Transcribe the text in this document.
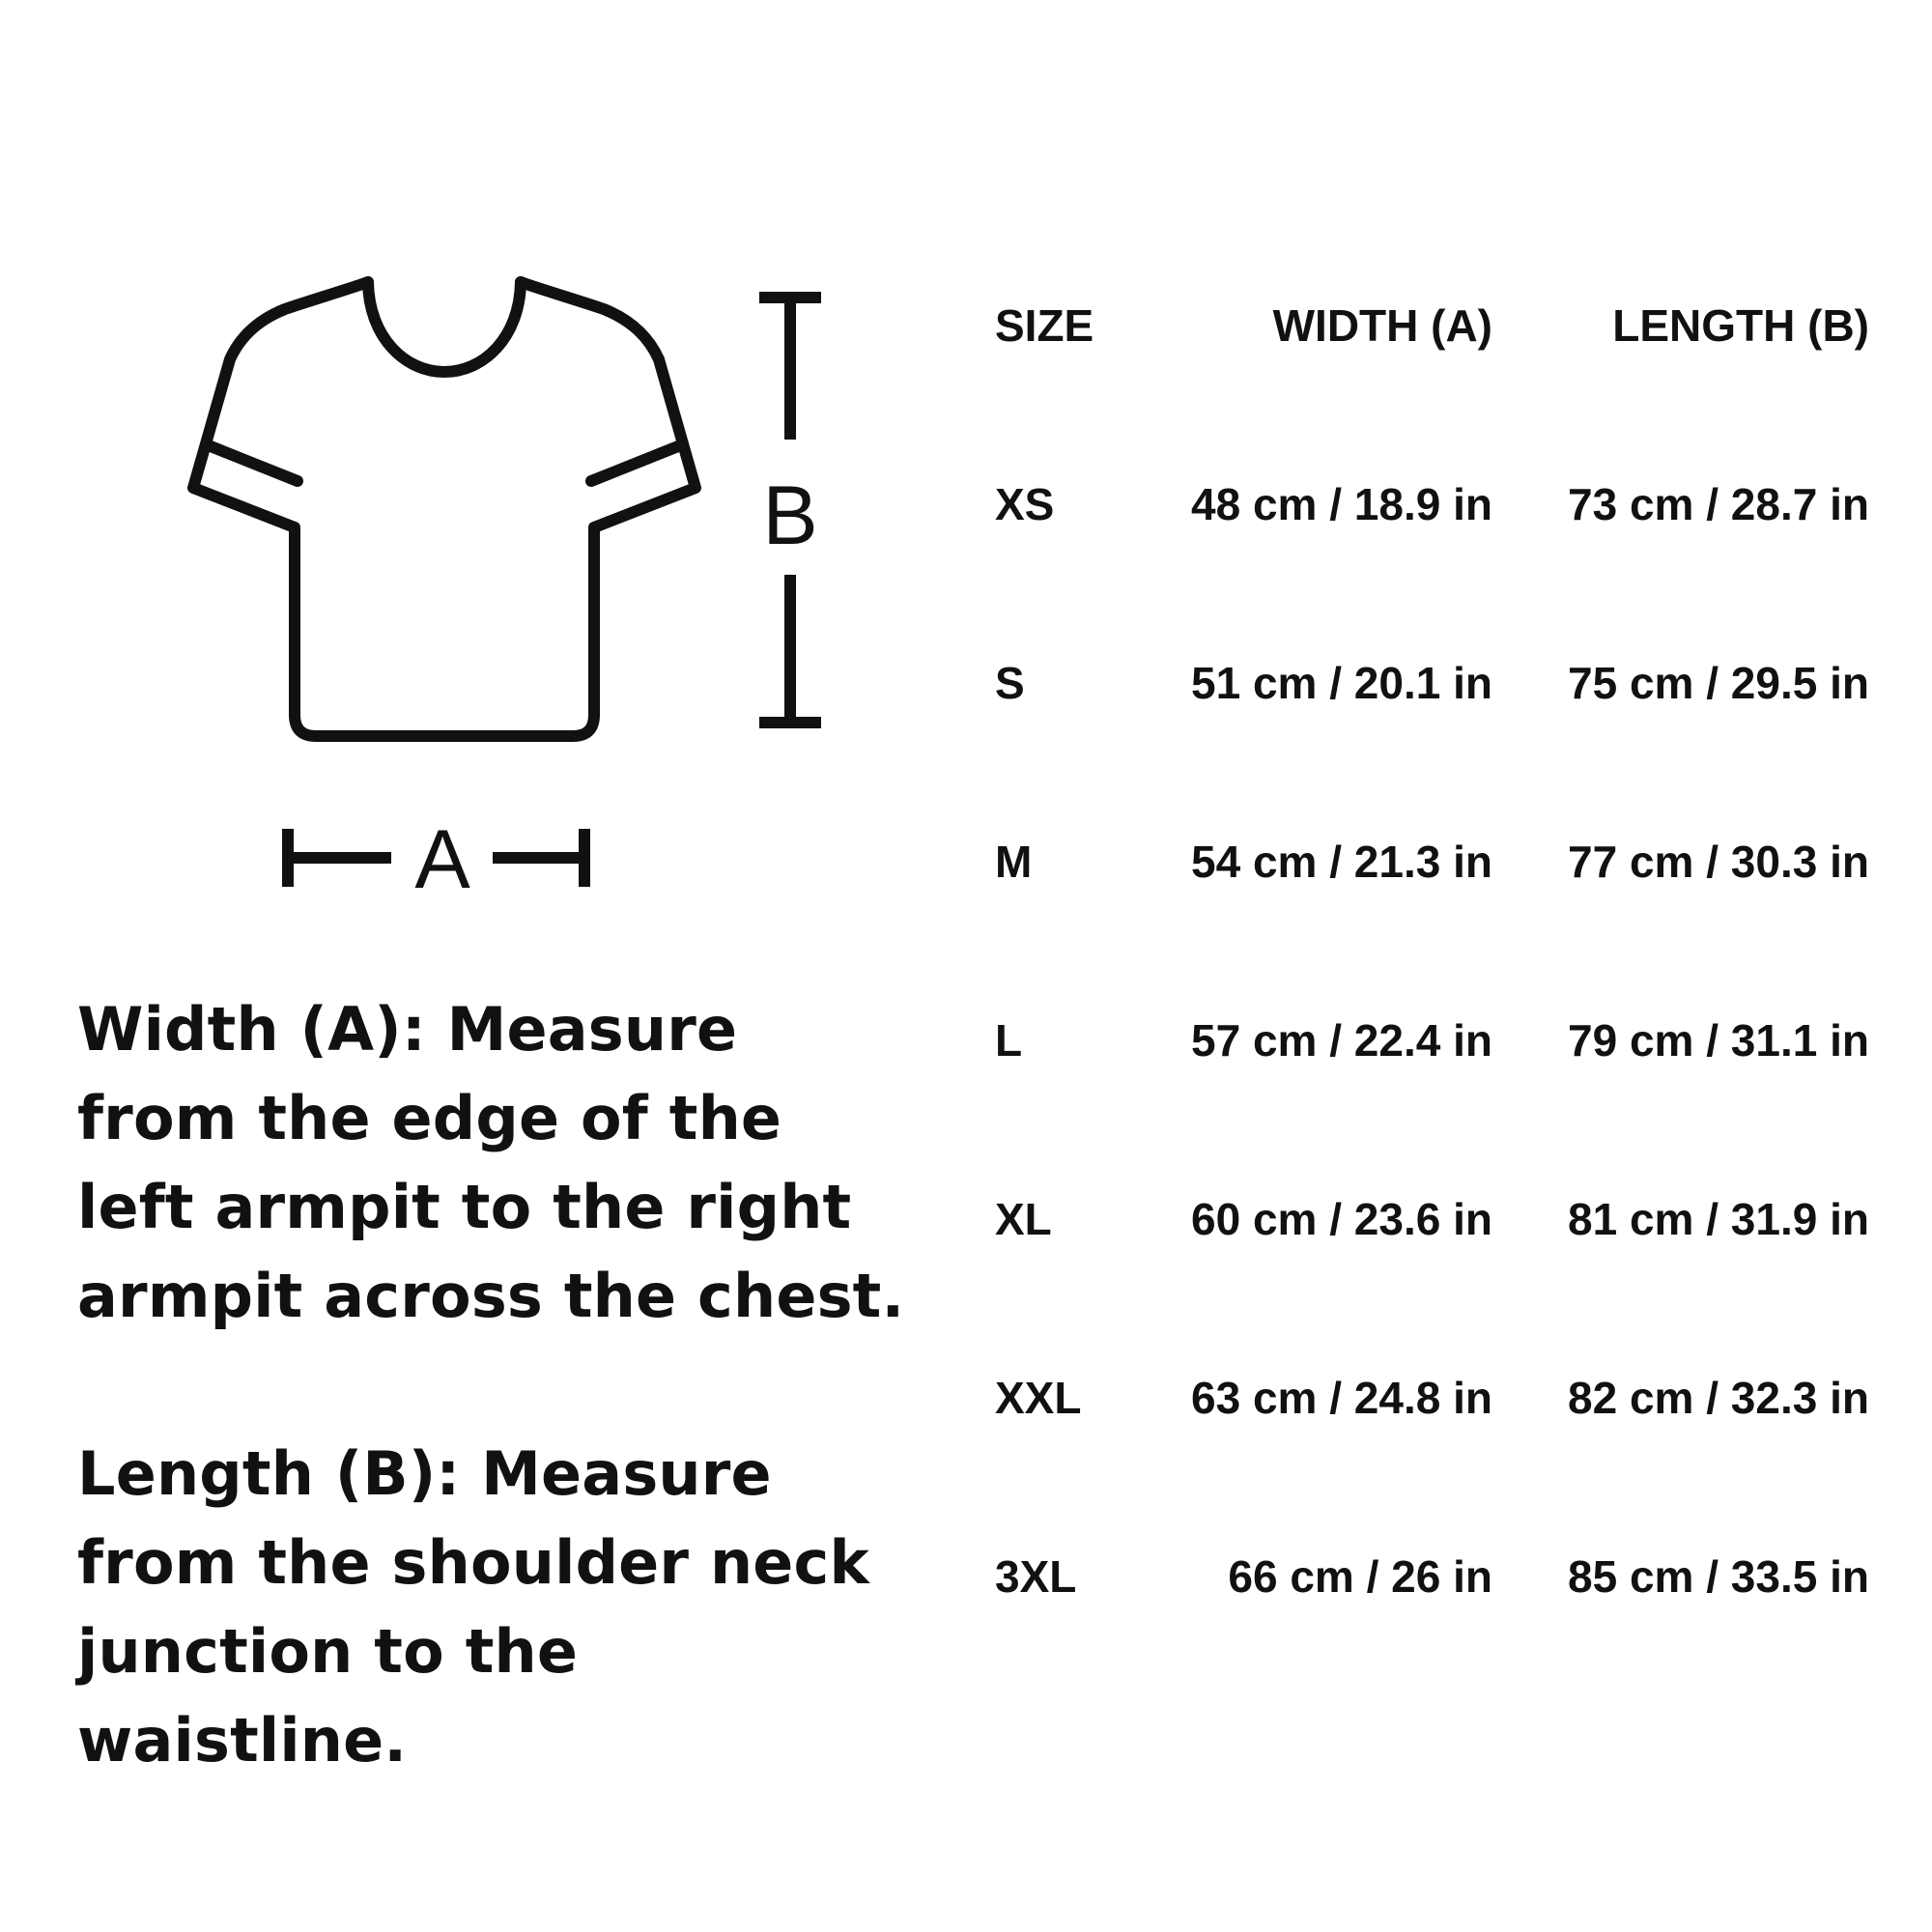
B
A

Width (A): Measure from the edge of the left armpit to the right armpit across the chest.

Length (B): Measure from the shoulder neck junction to the waistline.

SIZE	WIDTH (A)	LENGTH (B)
XS	48 cm / 18.9 in 73 cm / 28.7 in
S	51 cm / 20.1 in 75 cm / 29.5 in
M	54 cm / 21.3 in 77 cm / 30.3 in
L	57 cm / 22.4 in 79 cm / 31.1 in
XL	60 cm / 23.6 in 81 cm / 31.9 in
XXL 63 cm / 24.8 in 82 cm / 32.3 in
3XL	66 cm / 26 in 85 cm / 33.5 in
